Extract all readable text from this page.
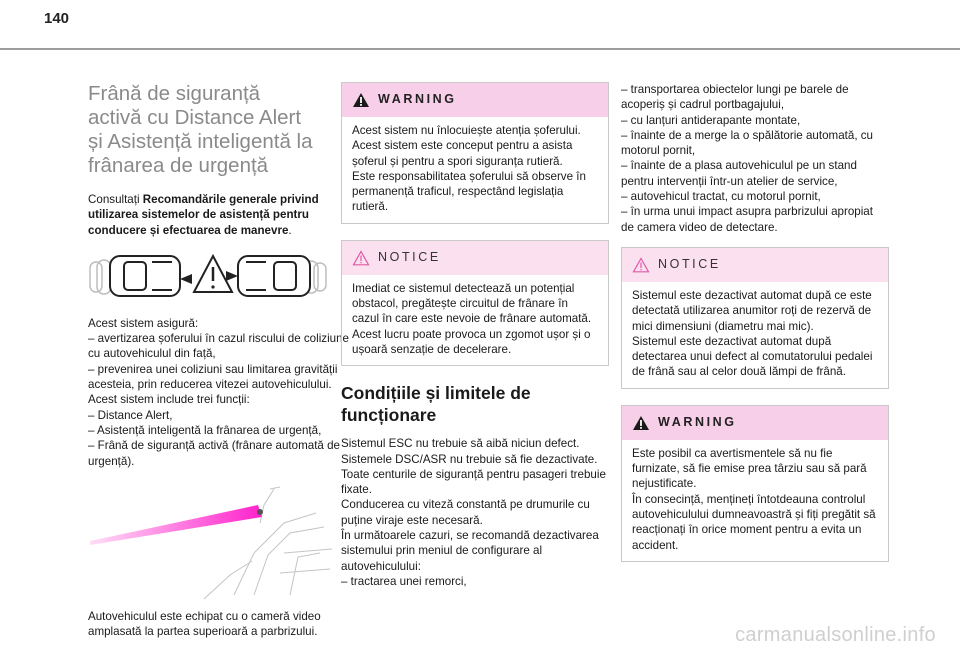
140
Frână de siguranță
activă cu Distance Alert
și Asistență inteligentă la
frânarea de urgență

Consultați Recomandările generale privind utilizarea sistemelor de asistență pentru conducere și efectuarea de manevre.

Acest sistem asigură:
– avertizarea șoferului în cazul riscului de coliziune cu autovehiculul din față,
– prevenirea unei coliziuni sau limitarea gravității acesteia, prin reducerea vitezei autovehiculului.
Acest sistem include trei funcții:
– Distance Alert,
– Asistență inteligentă la frânarea de urgență,
– Frână de siguranță activă (frânare automată de urgență).

Autovehiculul este echipat cu o cameră video amplasată la partea superioară a parbrizului.

WARNING
Acest sistem nu înlocuiește atenția șoferului.
Acest sistem este conceput pentru a asista șoferul și pentru a spori siguranța rutieră.
Este responsabilitatea șoferului să observe în permanență traficul, respectând legislația rutieră.
NOTICE
Imediat ce sistemul detectează un potențial obstacol, pregătește circuitul de frânare în cazul în care este nevoie de frânare automată. Acest lucru poate provoca un zgomot ușor și o ușoară senzație de decelerare.
Condițiile și limitele de funcționare

Sistemul ESC nu trebuie să aibă niciun defect.
Sistemele DSC/ASR nu trebuie să fie dezactivate.
Toate centurile de siguranță pentru pasageri trebuie fixate.
Conducerea cu viteză constantă pe drumurile cu puține viraje este necesară.
În următoarele cazuri, se recomandă dezactivarea sistemului prin meniul de configurare al autovehiculului:
– tractarea unei remorci,

– transportarea obiectelor lungi pe barele de acoperiș și cadrul portbagajului,
– cu lanțuri antiderapante montate,
– înainte de a merge la o spălătorie automată, cu motorul pornit,
– înainte de a plasa autovehiculul pe un stand pentru intervenții într-un atelier de service,
– autovehicul tractat, cu motorul pornit,
– în urma unui impact asupra parbrizului apropiat de camera video de detectare.

NOTICE
Sistemul este dezactivat automat după ce este detectată utilizarea anumitor roți de rezervă de mici dimensiuni (diametru mai mic).
Sistemul este dezactivat automat după detectarea unui defect al comutatorului pedalei de frână sau al celor două lămpi de frână.
WARNING
Este posibil ca avertismentele să nu fie furnizate, să fie emise prea târziu sau să pară nejustificate.
În consecință, mențineți întotdeauna controlul autovehiculului dumneavoastră și fiți pregătit să reacționați în orice moment pentru a evita un accident.
carmanualsonline.info
